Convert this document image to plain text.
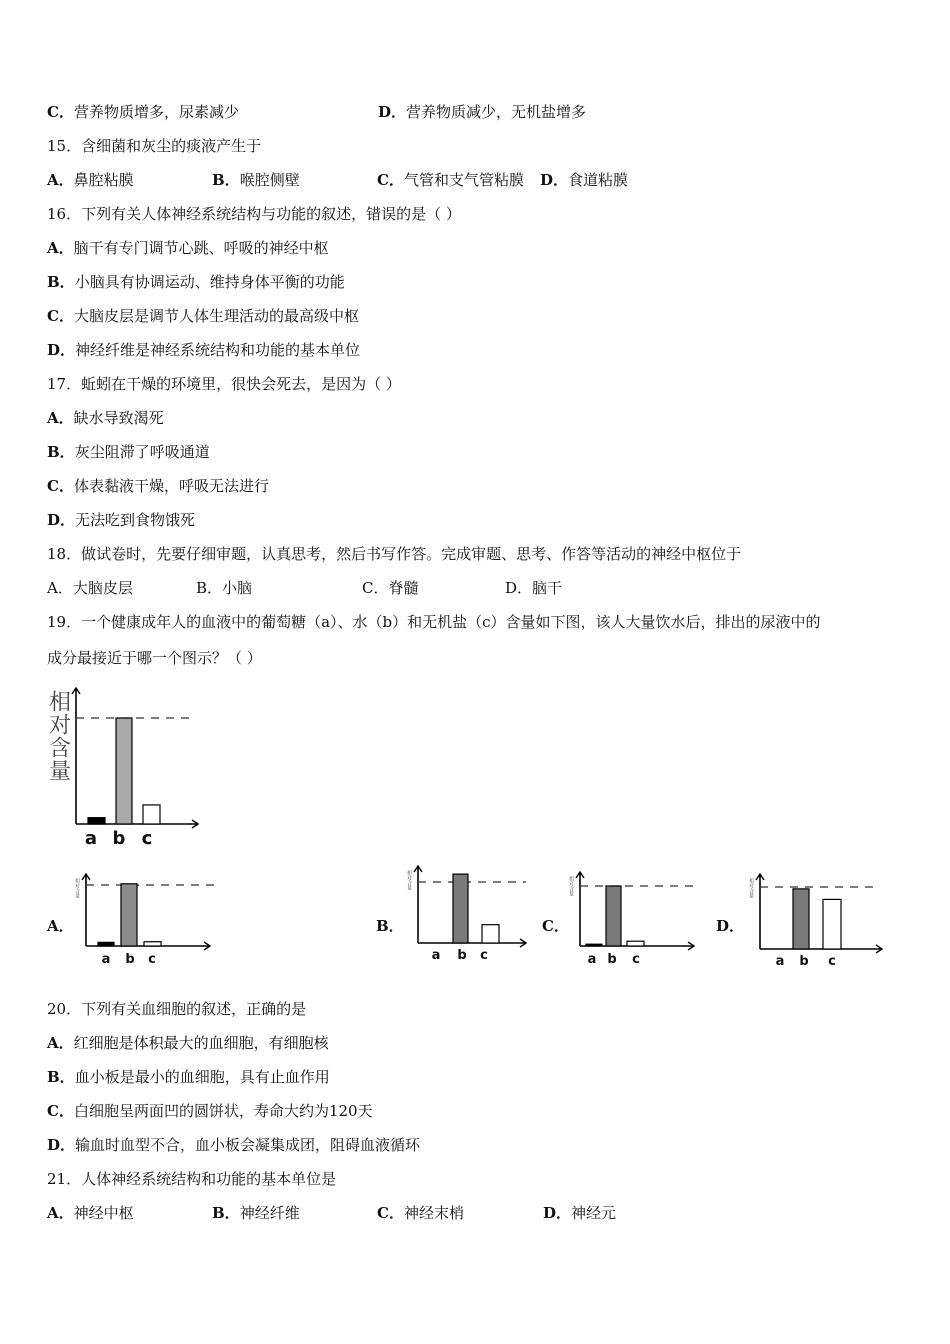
C．营养物质增多，尿素减少	D．营养物质减少，无机盐增多
15．含细菌和灰尘的痰液产生于
A．鼻腔粘膜	B．喉腔侧壁	C．气管和支气管粘膜 D．食道粘膜
16．下列有关人体神经系统结构与功能的叙述，错误的是（ ）
A．脑干有专门调节心跳、呼吸的神经中枢
B．小脑具有协调运动、维持身体平衡的功能
C．大脑皮层是调节人体生理活动的最高级中枢
D．神经纤维是神经系统结构和功能的基本单位
17．蚯蚓在干燥的环境里，很快会死去，是因为（ ）
A．缺水导致渴死
B．灰尘阻滞了呼吸通道
C．体表黏液干燥，呼吸无法进行
D．无法吃到食物饿死
18．做试卷时，先要仔细审题，认真思考，然后书写作答。完成审题、思考、作答等活动的神经中枢位于
A．大脑皮层	B．小脑	C．脊髓	D．脑干
19．一个健康成年人的血液中的葡萄糖（a）、水（b）和无机盐（c）含量如下图，该人大量饮水后，排出的尿液中的
成分最接近于哪一个图示？（ ）
a b c
相对含量
A．
a b c
相对含量
B．
a b c
相对含量
C．
a b c
相对含量
D．
a b c
相对含量
20．下列有关血细胞的叙述，正确的是
A．红细胞是体积最大的血细胞，有细胞核
B．血小板是最小的血细胞，具有止血作用
C．白细胞呈两面凹的圆饼状，寿命大约为120天
D．输血时血型不合，血小板会凝集成团，阻碍血液循环
21．人体神经系统结构和功能的基本单位是
A．神经中枢	B．神经纤维	C．神经末梢	D．神经元
